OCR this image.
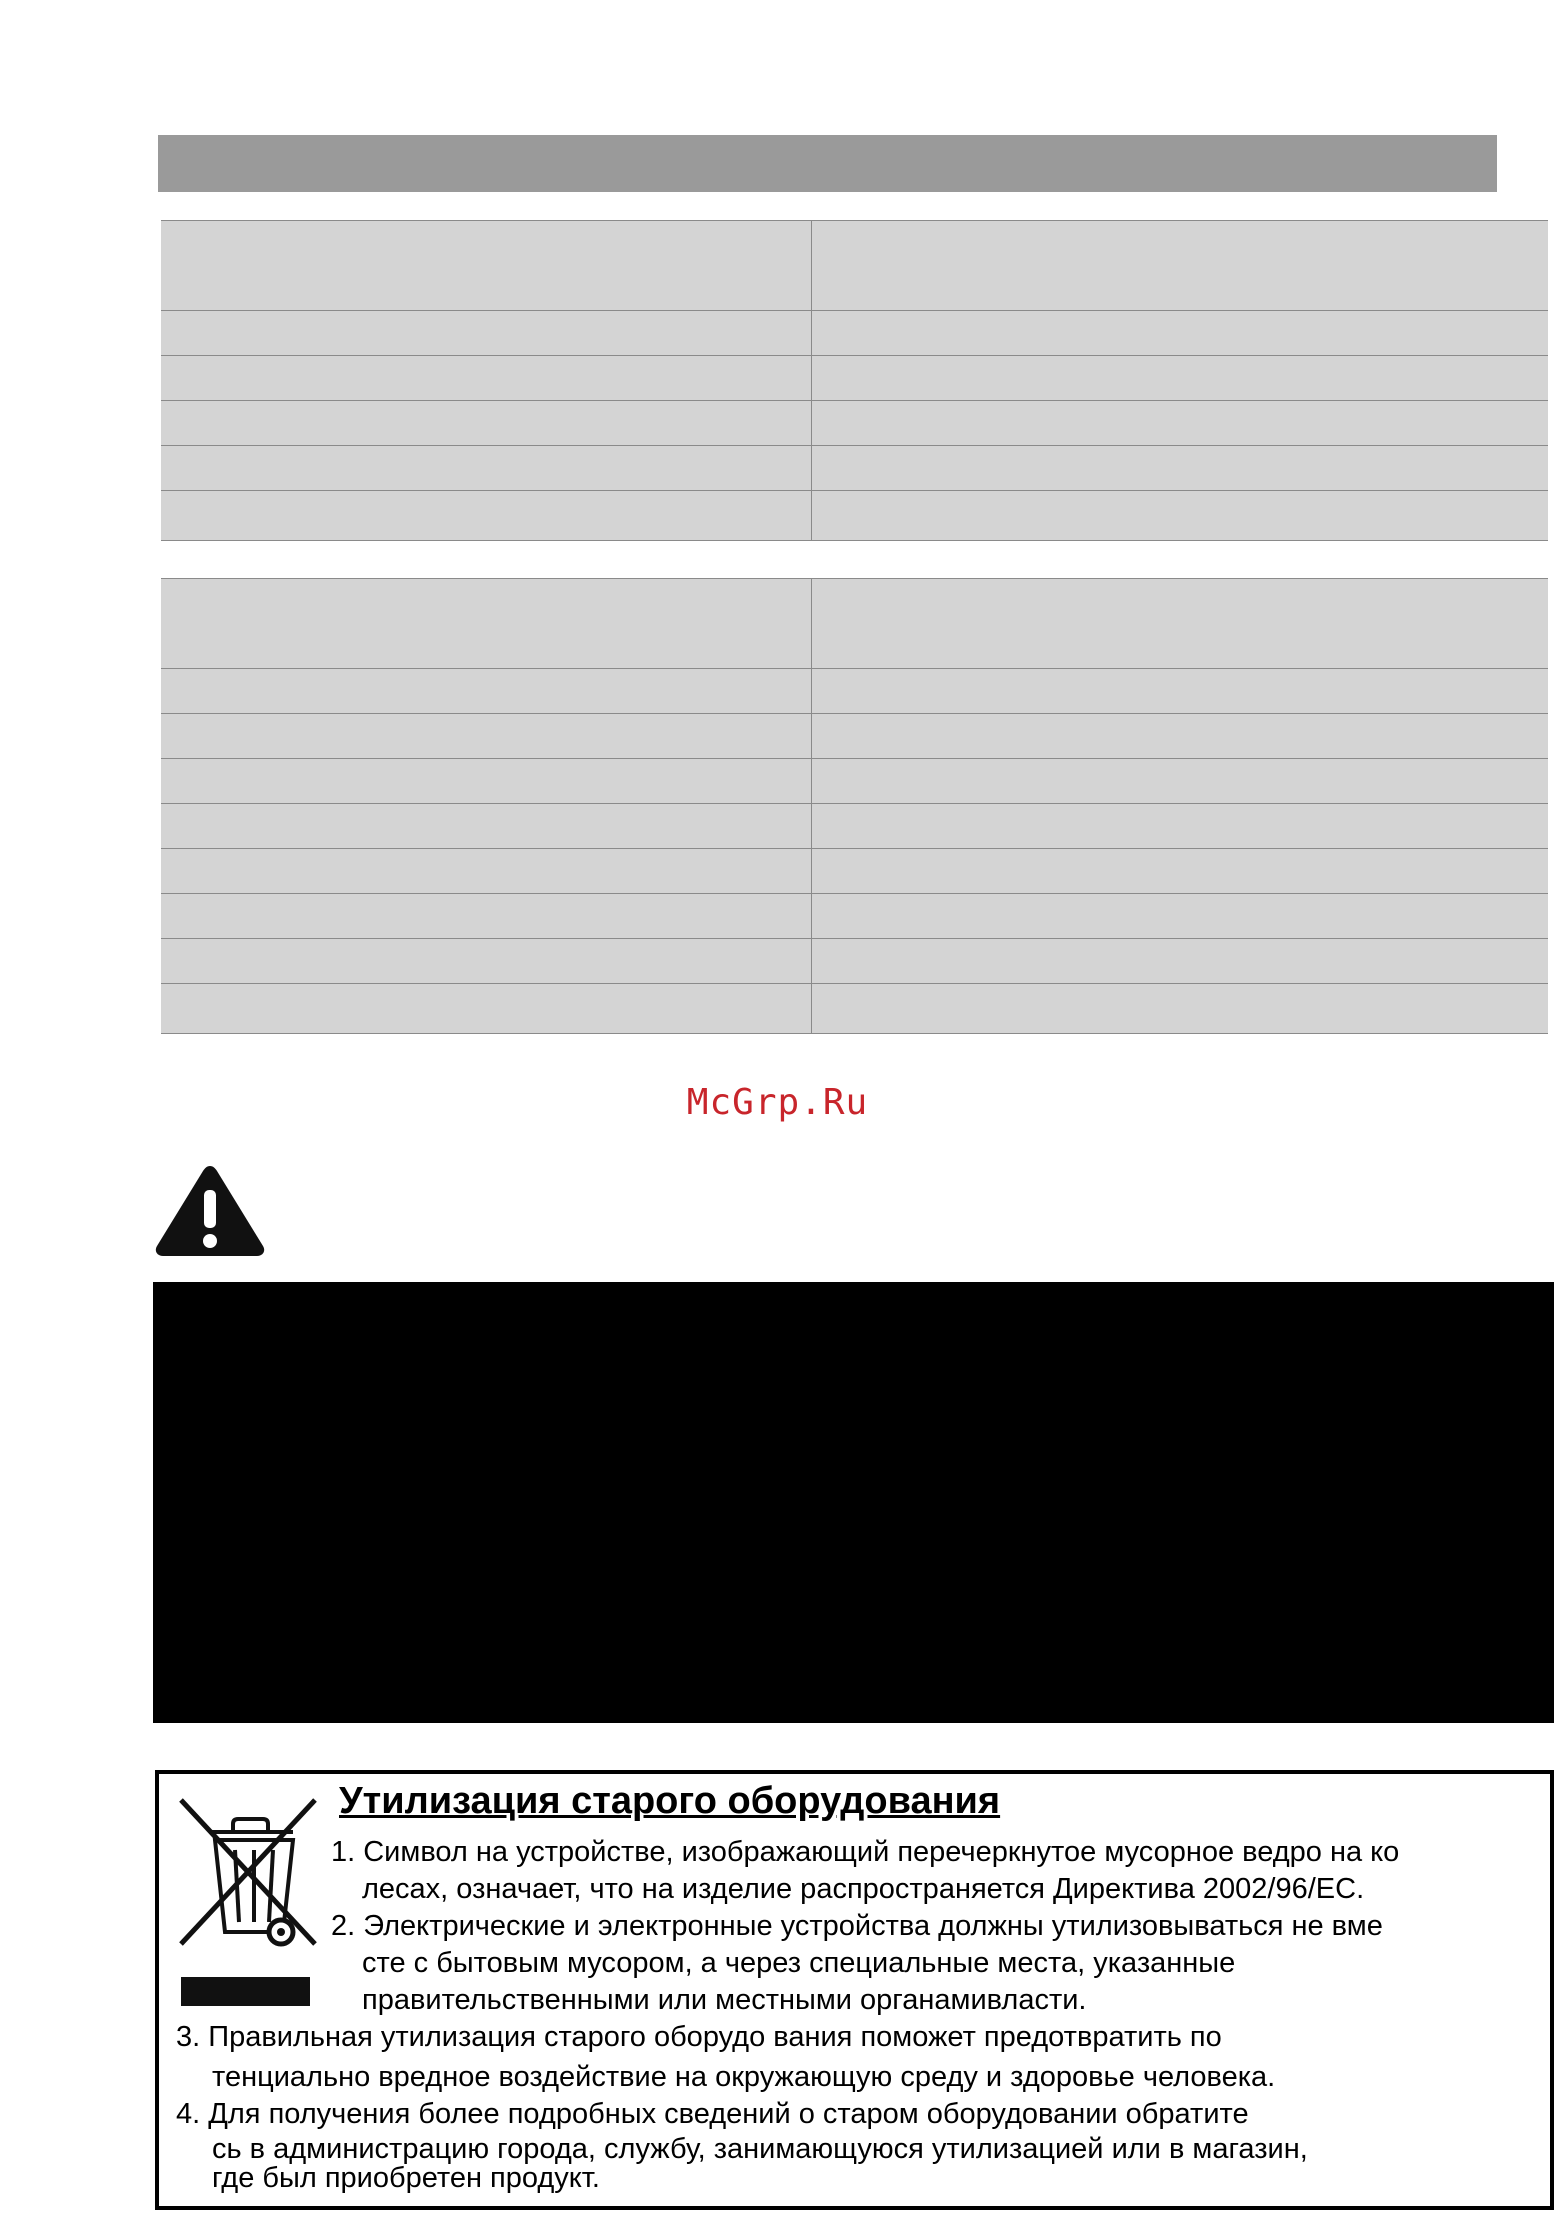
McGrp.Ru
Утилизация старого оборудования
1. Символ на устройстве, изображающий перечеркнутое мусорное ведро на ко
лесах, означает, что на изделие распространяется Директива 2002/96/EC.
2. Электрические и электронные устройства должны утилизовываться не вме
сте с бытовым мусором, а через специальные места, указанные
правительственными или местными органамивласти.
3. Правильная утилизация старого оборудо вания поможет предотвратить по
тенциально вредное воздействие на окружающую среду и здоровье человека.
4. Для получения более подробных сведений о старом оборудовании обратите
сь в администрацию города, службу, занимающуюся утилизацией или в магазин,
где был приобретен продукт.
